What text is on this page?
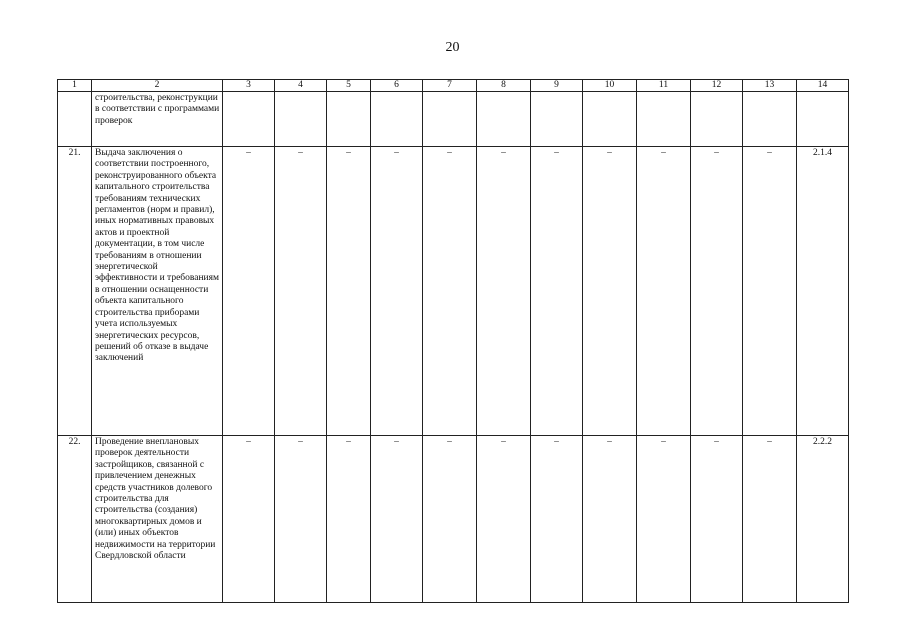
20
1	2	3	4	5	6	7	8	9	10	11	12	13	14
	строительства, реконструкции в соответствии с программами проверок												
21.	Выдача заключения о соответствии построенного, реконструированного объекта капитального строительства требованиям технических регламентов (норм и правил), иных нормативных правовых актов и проектной документации, в том числе требованиям в отношении энергетической эффективности и требованиям в отношении оснащенности объекта капитального строительства приборами учета используемых энергетических ресурсов, решений об отказе в выдаче заключений	–	–	–	–	–	–	–	–	–	–	–	2.1.4
22.	Проведение внеплановых проверок деятельности застройщиков, связанной с привлечением денежных средств участников долевого строительства для строительства (создания) многоквартирных домов и (или) иных объектов недвижимости на территории Свердловской области	–	–	–	–	–	–	–	–	–	–	–	2.2.2
